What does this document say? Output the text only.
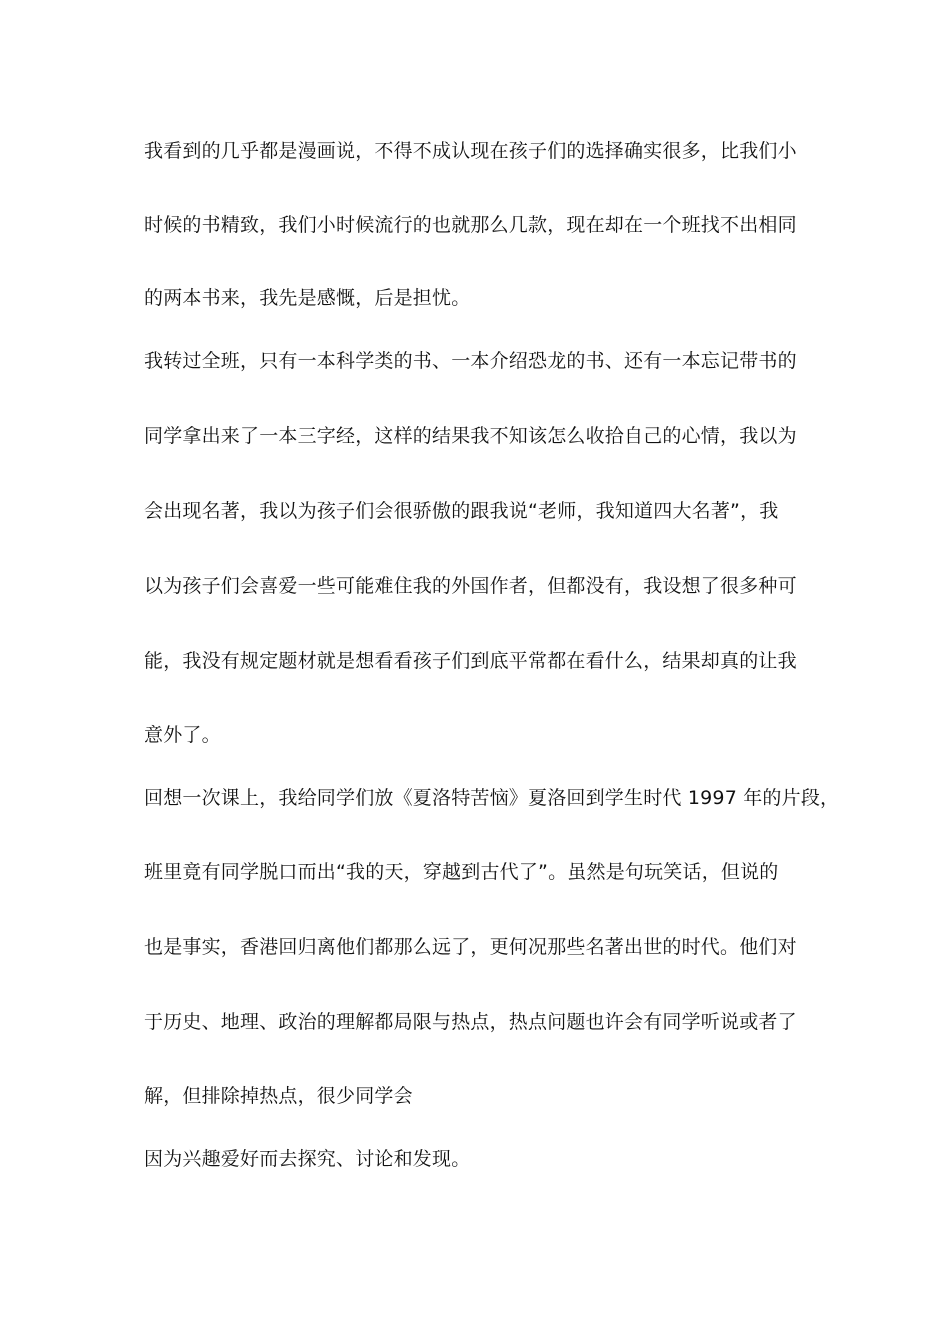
我看到的几乎都是漫画说，不得不成认现在孩子们的选择确实很多，比我们小
时候的书精致，我们小时候流行的也就那么几款，现在却在一个班找不出相同
的两本书来，我先是感慨，后是担忧。
我转过全班，只有一本科学类的书、一本介绍恐龙的书、还有一本忘记带书的
同学拿出来了一本三字经，这样的结果我不知该怎么收拾自己的心情，我以为
会出现名著，我以为孩子们会很骄傲的跟我说“老师，我知道四大名著”，我
以为孩子们会喜爱一些可能难住我的外国作者，但都没有，我设想了很多种可
能，我没有规定题材就是想看看孩子们到底平常都在看什么，结果却真的让我
意外了。
回想一次课上，我给同学们放《夏洛特苦恼》夏洛回到学生时代 1997 年的片段，
班里竟有同学脱口而出“我的天，穿越到古代了”。虽然是句玩笑话，但说的
也是事实，香港回归离他们都那么远了，更何况那些名著出世的时代。他们对
于历史、地理、政治的理解都局限与热点，热点问题也许会有同学听说或者了
解，但排除掉热点，很少同学会
因为兴趣爱好而去探究、讨论和发现。
